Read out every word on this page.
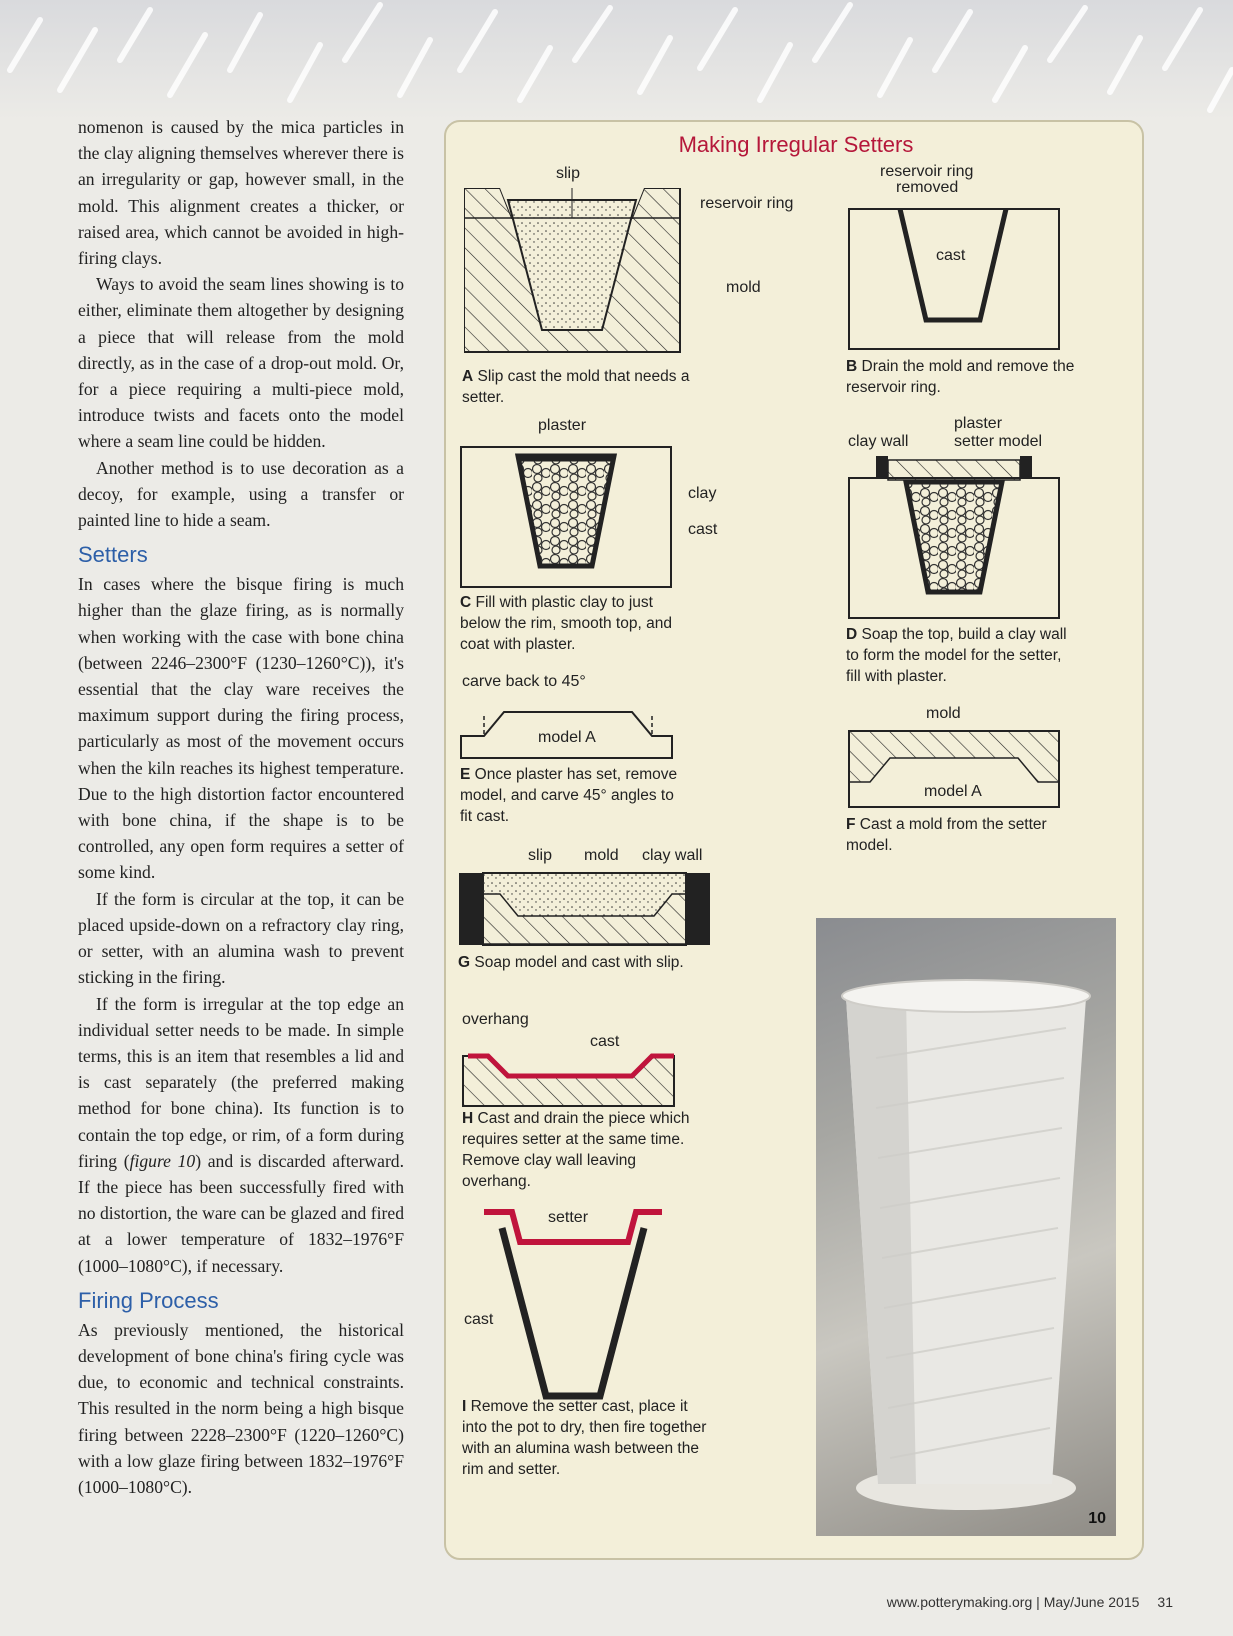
nomenon is caused by the mica particles in the clay aligning themselves wherever there is an irregularity or gap, however small, in the mold. This alignment creates a thicker, or raised area, which cannot be avoided in high-firing clays.

Ways to avoid the seam lines showing is to either, eliminate them altogether by designing a piece that will release from the mold directly, as in the case of a drop-out mold. Or, for a piece requiring a multi-piece mold, introduce twists and facets onto the model where a seam line could be hidden.

Another method is to use decoration as a decoy, for example, using a transfer or painted line to hide a seam.

Setters

In cases where the bisque firing is much higher than the glaze firing, as is normally when working with the case with bone china (between 2246–2300°F (1230–1260°C)), it's essential that the clay ware receives the maximum support during the firing process, particularly as most of the movement occurs when the kiln reaches its highest temperature. Due to the high distortion factor encountered with bone china, if the shape is to be controlled, any open form requires a setter of some kind.

If the form is circular at the top, it can be placed upside-down on a refractory clay ring, or setter, with an alumina wash to prevent sticking in the firing.

If the form is irregular at the top edge an individual setter needs to be made. In simple terms, this is an item that resembles a lid and is cast separately (the preferred making method for bone china). Its function is to contain the top edge, or rim, of a form during firing (figure 10) and is discarded afterward. If the piece has been successfully fired with no distortion, the ware can be glazed and fired at a lower temperature of 1832–1976°F (1000–1080°C), if necessary.

Firing Process

As previously mentioned, the historical development of bone china's firing cycle was due, to economic and technical constraints. This resulted in the norm being a high bisque firing between 2228–2300°F (1220–1260°C) with a low glaze firing between 1832–1976°F (1000–1080°C).

Making Irregular Setters
slip
reservoir ring
mold
A Slip cast the mold that needs a setter.
reservoir ring
removed
cast
B Drain the mold and remove the reservoir ring.
plaster
clay
cast
C Fill with plastic clay to just below the rim, smooth top, and coat with plaster.
clay wall
plaster
setter model
D Soap the top, build a clay wall to form the model for the setter, fill with plaster.
carve back to 45°
model A
E Once plaster has set, remove model, and carve 45° angles to fit cast.
mold
model A
F Cast a mold from the setter model.
slip mold clay wall
G Soap model and cast with slip.
overhang
cast
H Cast and drain the piece which requires setter at the same time. Remove clay wall leaving overhang.
setter
cast
I Remove the setter cast, place it into the pot to dry, then fire together with an alumina wash between the rim and setter.
10
www.potterymaking.org | May/June 2015 31
